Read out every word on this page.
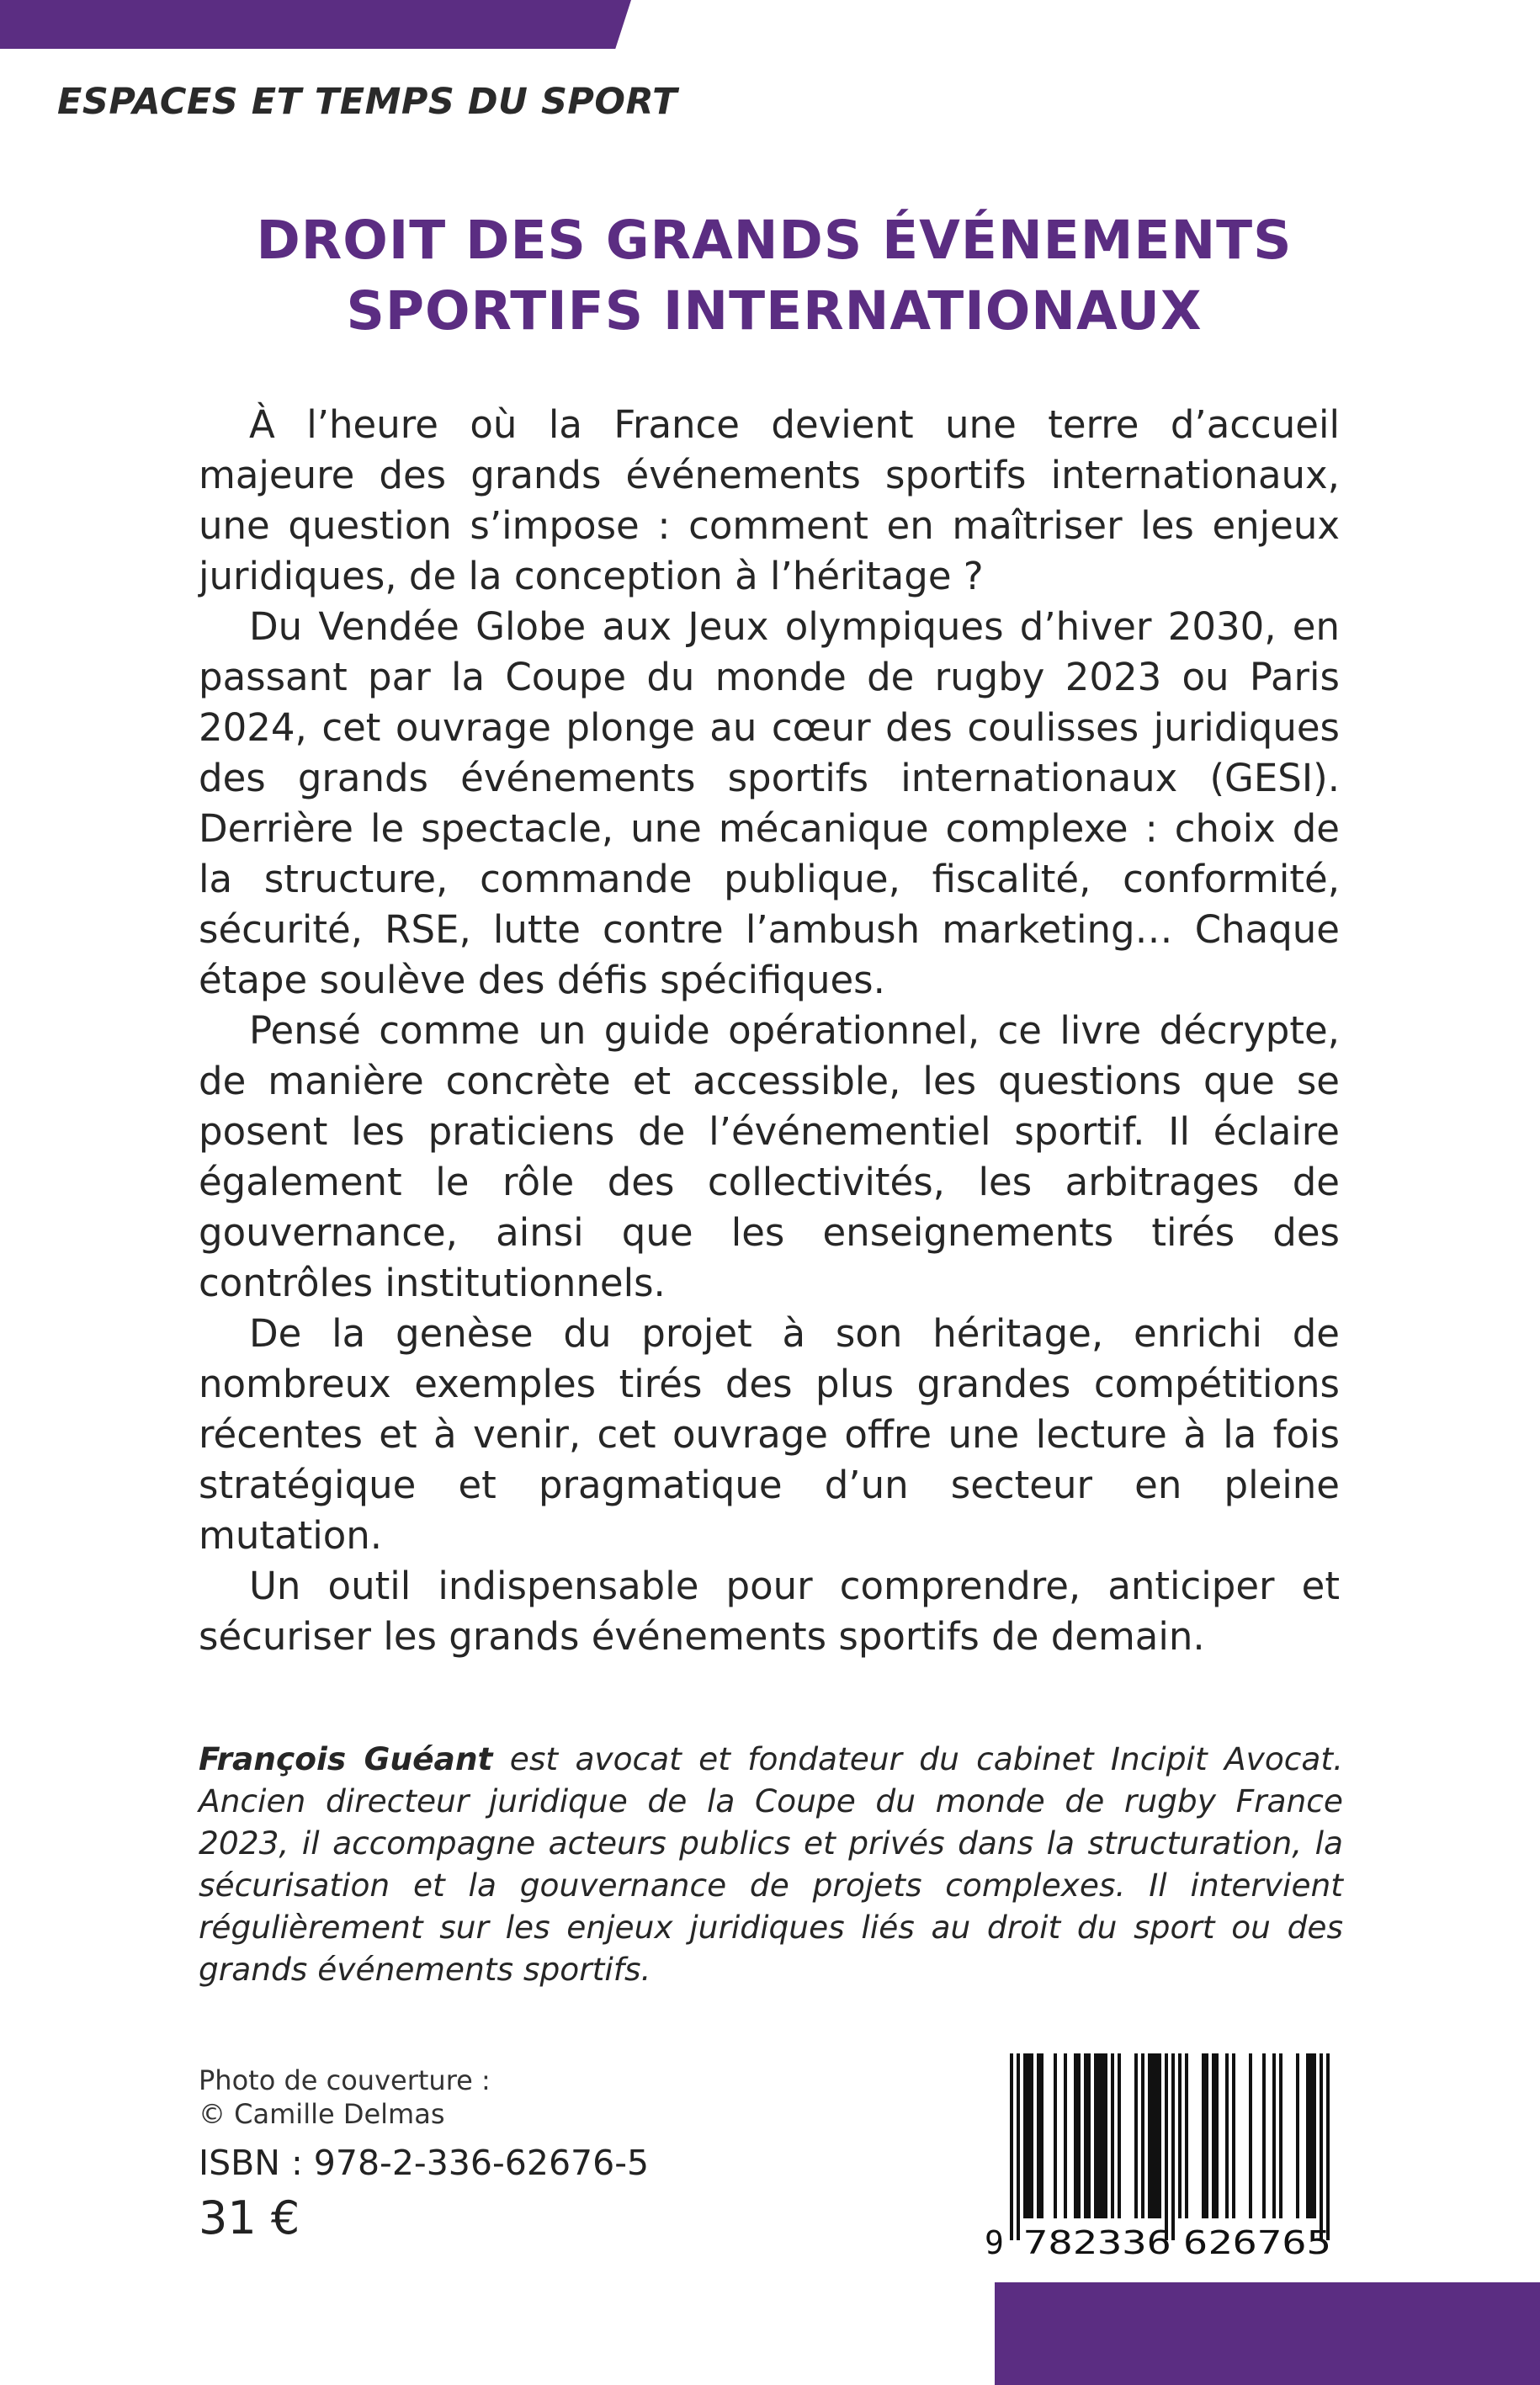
ESPACES ET TEMPS DU SPORT
DROIT DES GRANDS ÉVÉNEMENTS
SPORTIFS INTERNATIONAUX

À l’heure où la France devient une terre d’accueil majeure des grands événements sportifs internationaux, une question s’impose : comment en maîtriser les enjeux juridiques, de la conception à l’héritage ?

Du Vendée Globe aux Jeux olympiques d’hiver 2030, en passant par la Coupe du monde de rugby 2023 ou Paris 2024, cet ouvrage plonge au cœur des coulisses juridiques des grands événements sportifs internationaux (GESI). Derrière le spectacle, une mécanique complexe : choix de la structure, commande publique, fiscalité, conformité, sécurité, RSE, lutte contre l’ambush marketing… Chaque étape soulève des défis spécifiques.

Pensé comme un guide opérationnel, ce livre décrypte, de manière concrète et accessible, les questions que se posent les praticiens de l’événementiel sportif. Il éclaire également le rôle des collectivités, les arbitrages de gouvernance, ainsi que les enseignements tirés des contrôles institutionnels.

De la genèse du projet à son héritage, enrichi de nombreux exemples tirés des plus grandes compétitions récentes et à venir, cet ouvrage offre une lecture à la fois stratégique et pragmatique d’un secteur en pleine mutation.

Un outil indispensable pour comprendre, anticiper et sécuriser les grands événements sportifs de demain.

François Guéant est avocat et fondateur du cabinet Incipit Avocat. Ancien directeur juridique de la Coupe du monde de rugby France 2023, il accompagne acteurs publics et privés dans la structuration, la sécurisation et la gouvernance de projets complexes. Il intervient régulièrement sur les enjeux juridiques liés au droit du sport ou des grands événements sportifs.

Photo de couverture :
© Camille Delmas
ISBN : 978-2-336-62676-5
31 €	9 782336 626765
